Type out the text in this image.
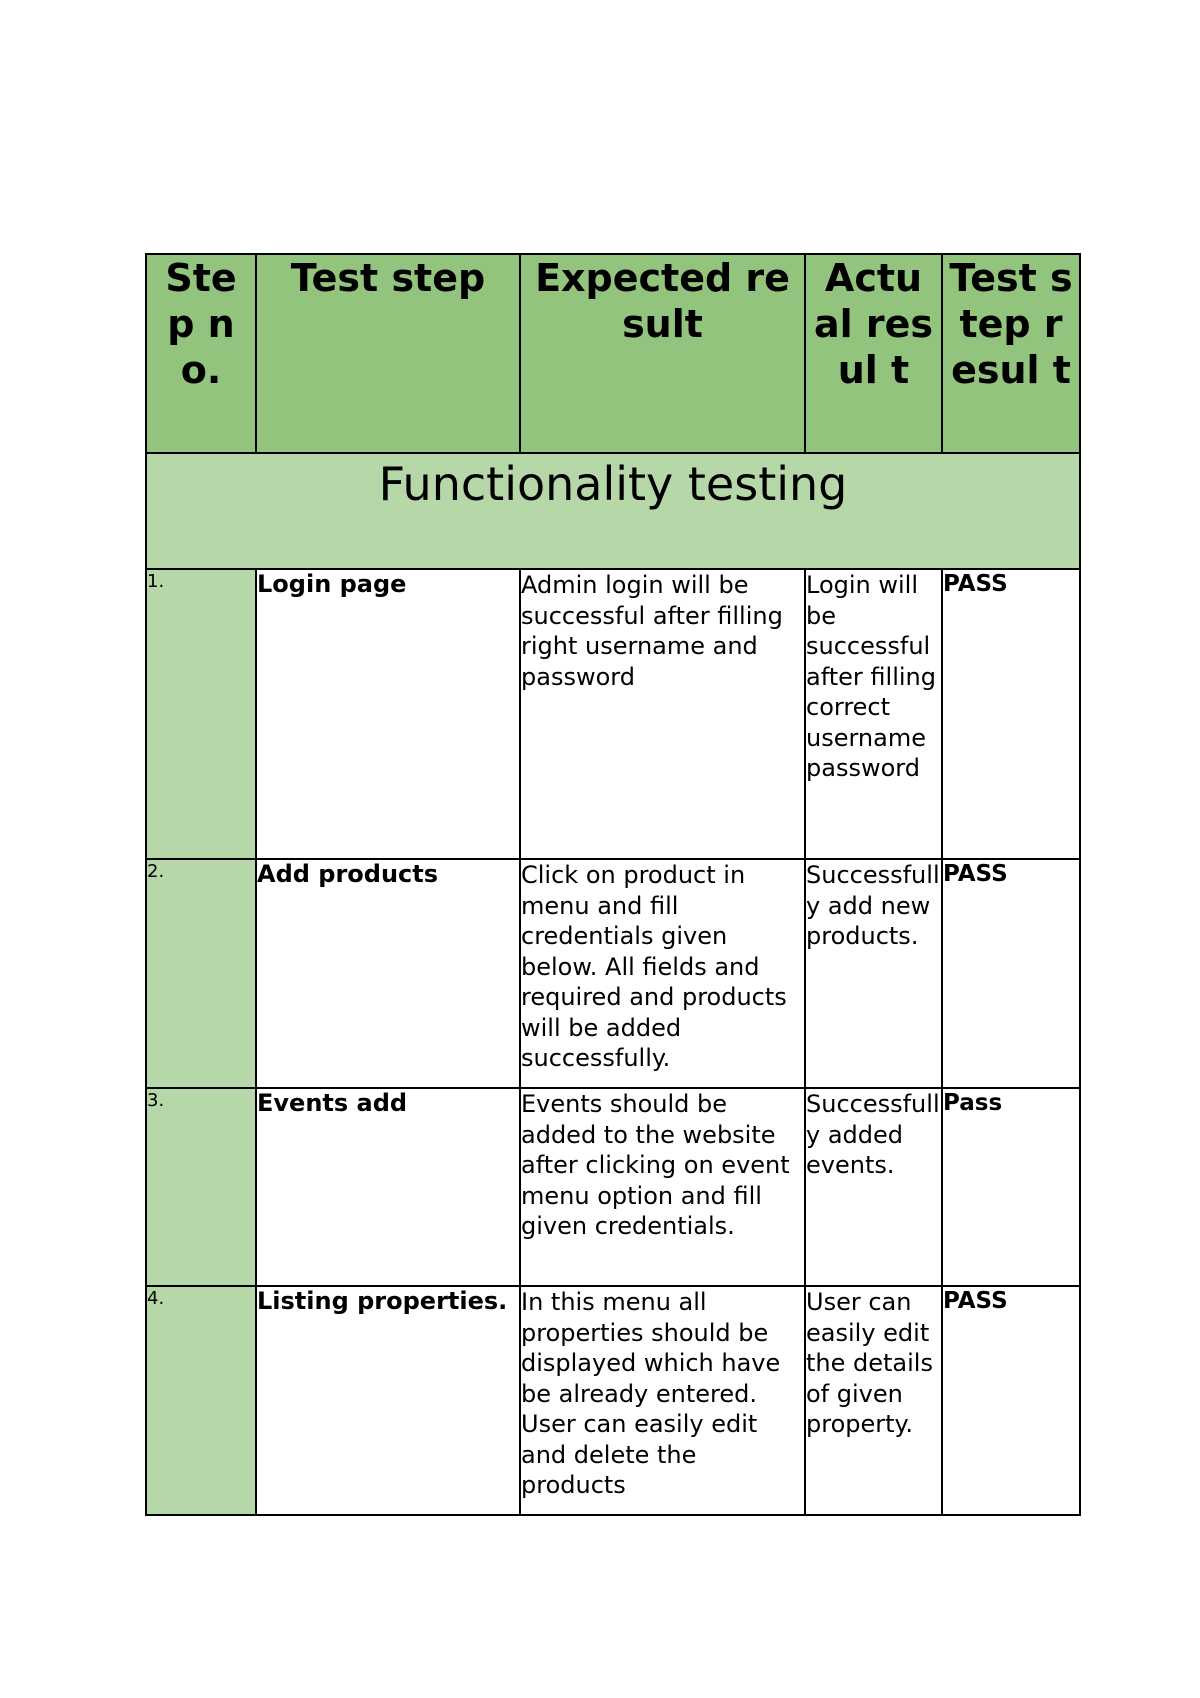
Ste p no.	Test step	Expected result	Actu al resul t	Test step resul t

Functionality testing				
1.	Login page	Admin login will be successful after filling right username and password	Login will be successful after filling correct username password	PASS
2.	Add products	Click on product in menu and fill credentials given below. All fields and required and products will be added successfully.	Successfully add new products.	PASS
3.	Events add	Events should be added to the website after clicking on event menu option and fill given credentials.	Successfully added events.	Pass
4.	Listing properties.	In this menu all properties should be displayed which have be already entered. User can easily edit and delete the products	User can easily edit the details of given property.	PASS
